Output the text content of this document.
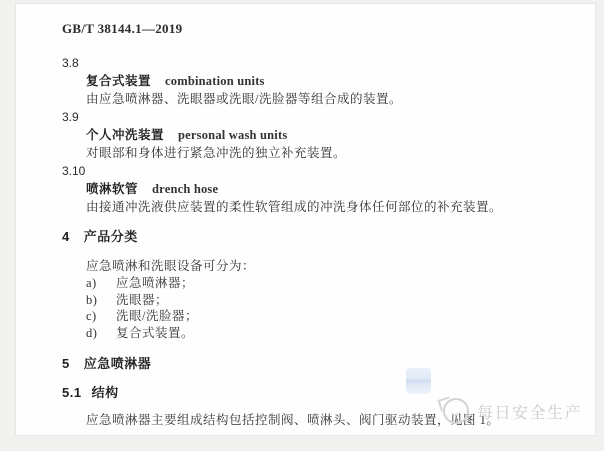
GB/T 38144.1—2019
3.8
复合式装置 combination units
由应急喷淋器、洗眼器或洗眼/洗脸器等组合成的装置。
3.9
个人冲洗装置 personal wash units
对眼部和身体进行紧急冲洗的独立补充装置。
3.10
喷淋软管 drench hose
由接通冲洗液供应装置的柔性软管组成的冲洗身体任何部位的补充装置。
4 产品分类
应急喷淋和洗眼设备可分为：
a) 应急喷淋器；
b) 洗眼器；
c) 洗眼/洗脸器；
d) 复合式装置。
5 应急喷淋器
5.1 结构
应急喷淋器主要组成结构包括控制阀、喷淋头、阀门驱动装置，见图 1。
每日安全生产
